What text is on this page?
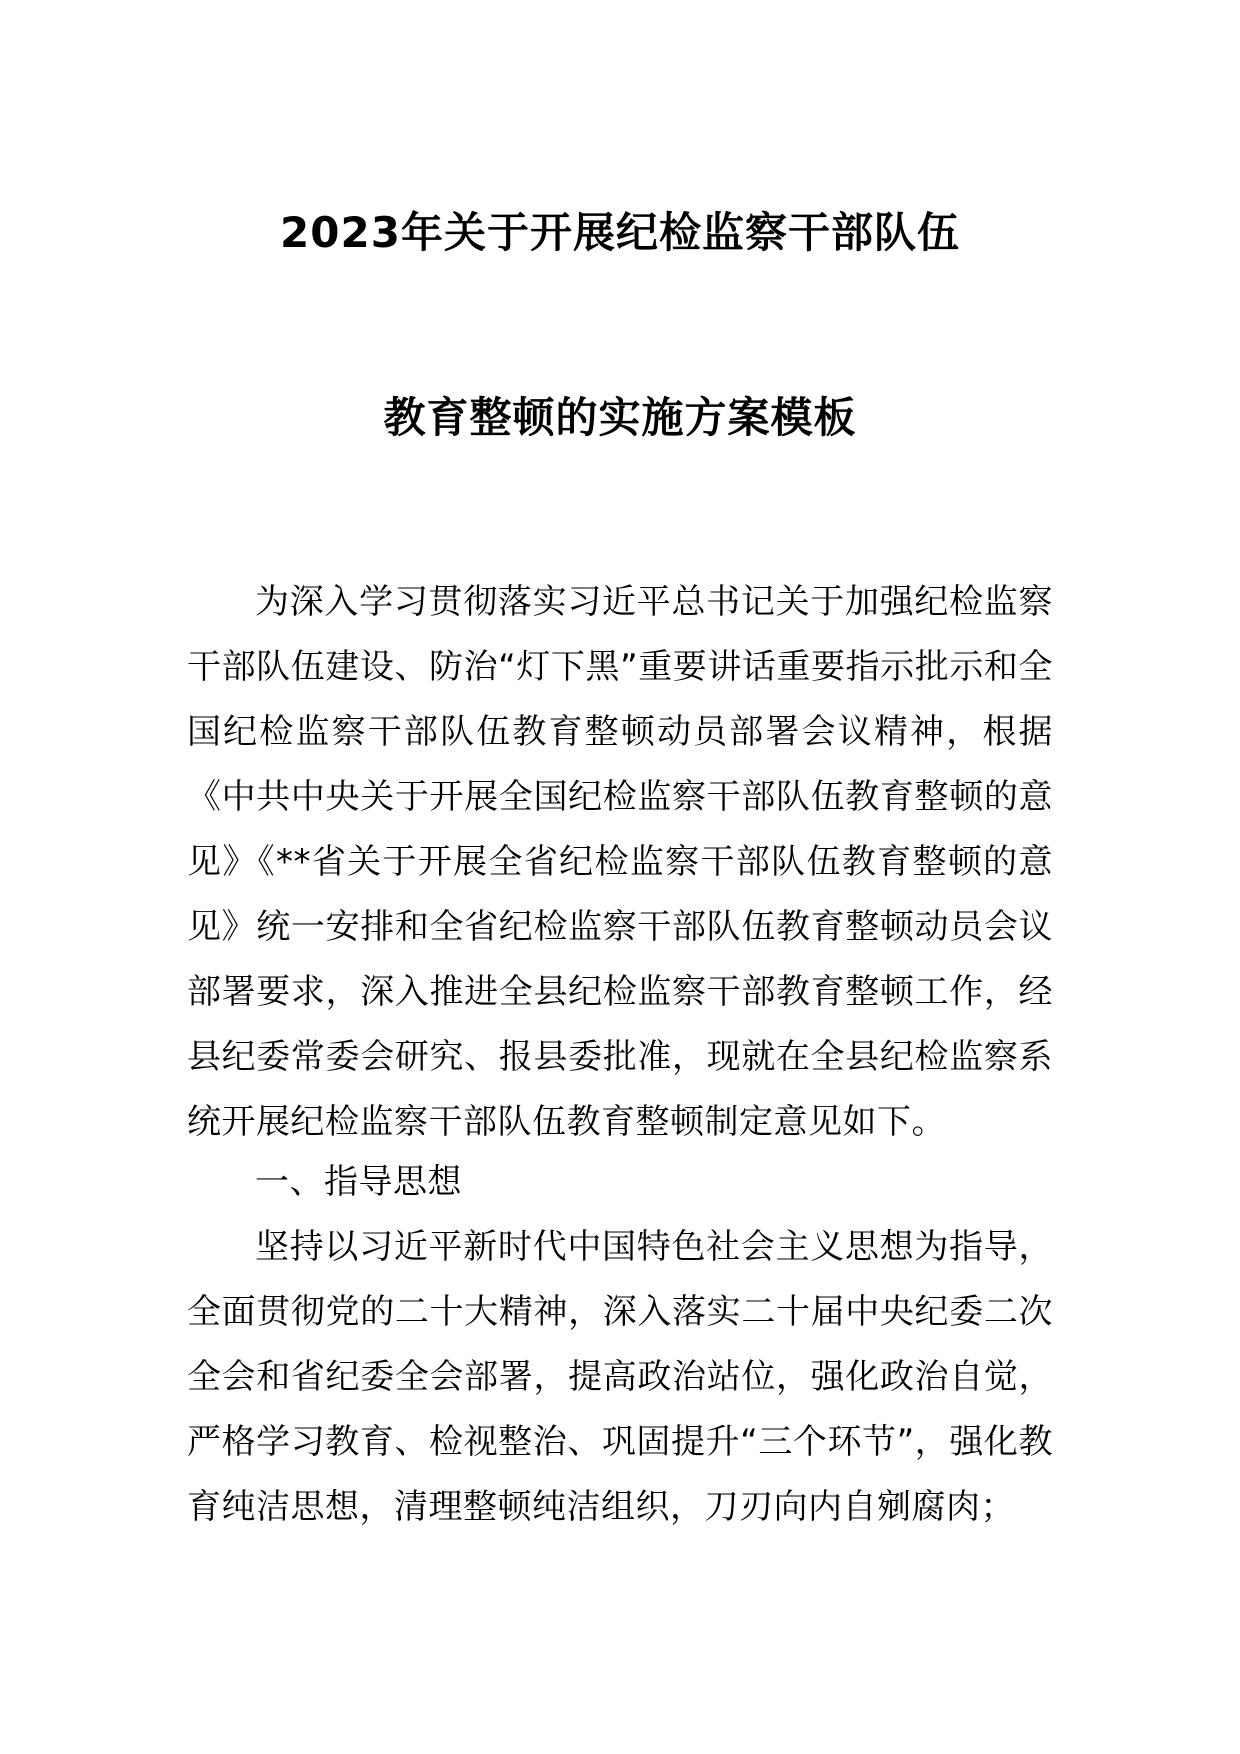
2023年关于开展纪检监察干部队伍
教育整顿的实施方案模板

为深入学习贯彻落实习近平总书记关于加强纪检监察干部队伍建设、防治“灯下黑”重要讲话重要指示批示和全国纪检监察干部队伍教育整顿动员部署会议精神，根据《中共中央关于开展全国纪检监察干部队伍教育整顿的意见》《**省关于开展全省纪检监察干部队伍教育整顿的意见》统一安排和全省纪检监察干部队伍教育整顿动员会议部署要求，深入推进全县纪检监察干部教育整顿工作，经县纪委常委会研究、报县委批准，现就在全县纪检监察系统开展纪检监察干部队伍教育整顿制定意见如下。

一、指导思想

坚持以习近平新时代中国特色社会主义思想为指导，全面贯彻党的二十大精神，深入落实二十届中央纪委二次全会和省纪委全会部署，提高政治站位，强化政治自觉，严格学习教育、检视整治、巩固提升“三个环节”，强化教育纯洁思想，清理整顿纯洁组织，刀刃向内自剜腐肉；
